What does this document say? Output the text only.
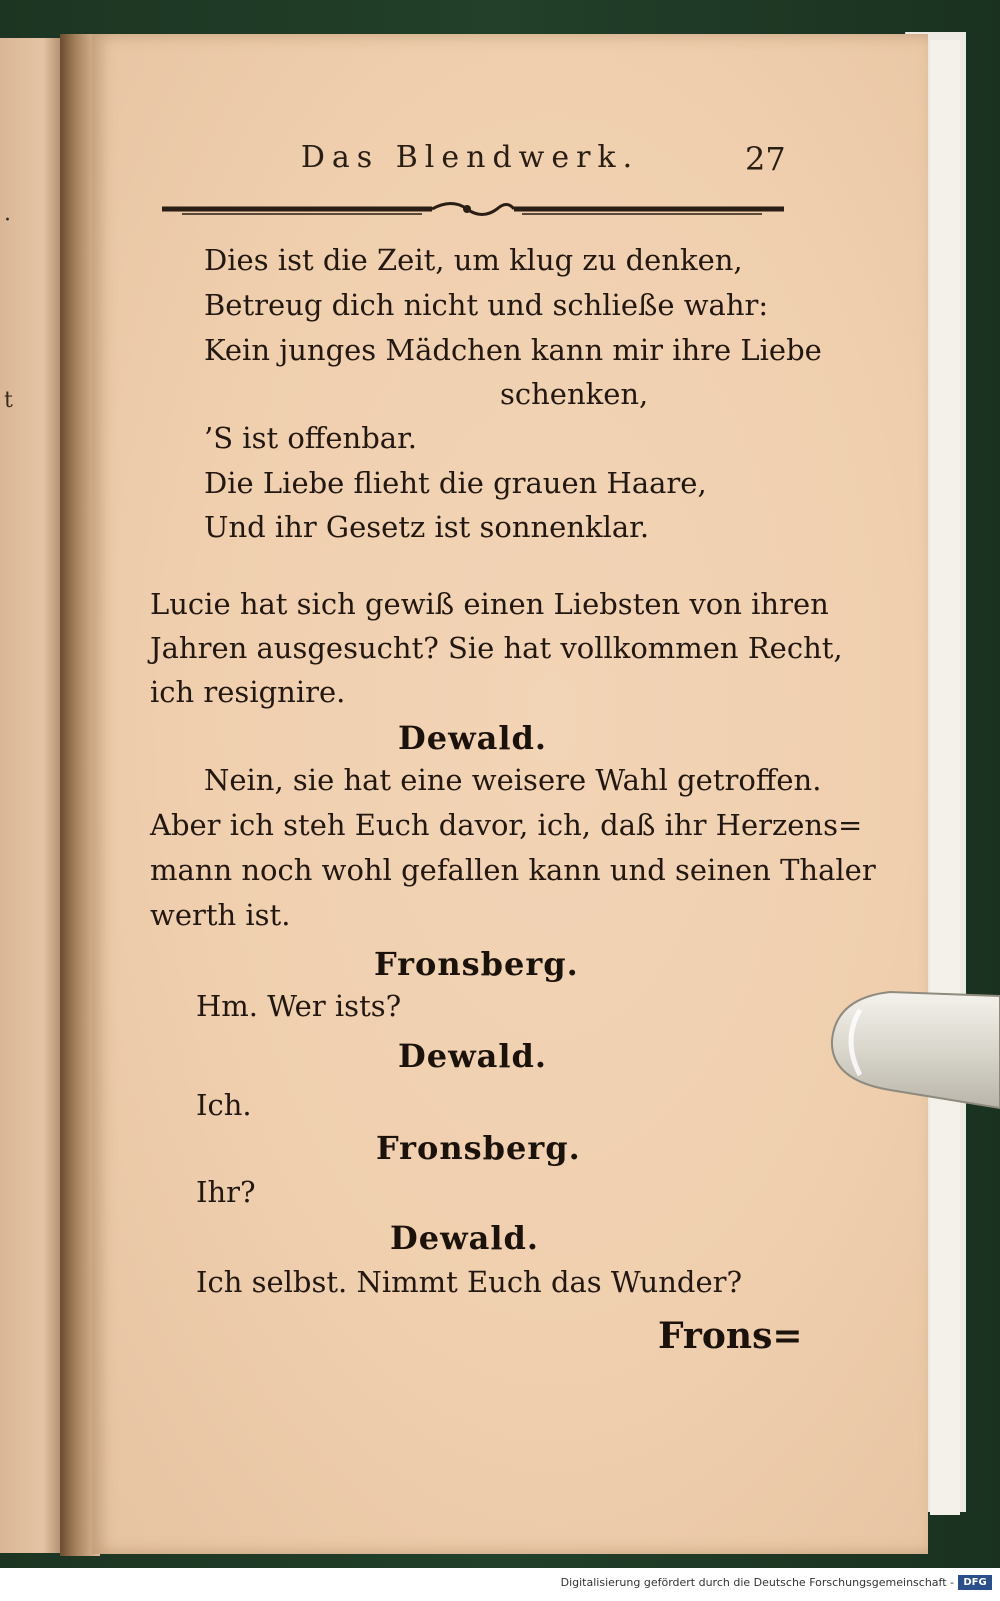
·
t
Das Blendwerk.	27
Dies ist die Zeit, um klug zu denken,
Betreug dich nicht und schließe wahr:
Kein junges Mädchen kann mir ihre Liebe
schenken,
’S ist offenbar.
Die Liebe flieht die grauen Haare,
Und ihr Gesetz ist sonnenklar.
Lucie hat sich gewiß einen Liebsten von ihren
Jahren ausgesucht? Sie hat vollkommen Recht,
ich resignire.
Dewald.
Nein, sie hat eine weisere Wahl getroffen.
Aber ich steh Euch davor, ich, daß ihr Herzens=
mann noch wohl gefallen kann und seinen Thaler
werth ist.
Fronsberg.
Hm. Wer ists?
Dewald.
Ich.
Fronsberg.
Ihr?
Dewald.
Ich selbst. Nimmt Euch das Wunder?
Frons=
Digitalisierung gefördert durch die Deutsche Forschungsgemeinschaft - DFG
